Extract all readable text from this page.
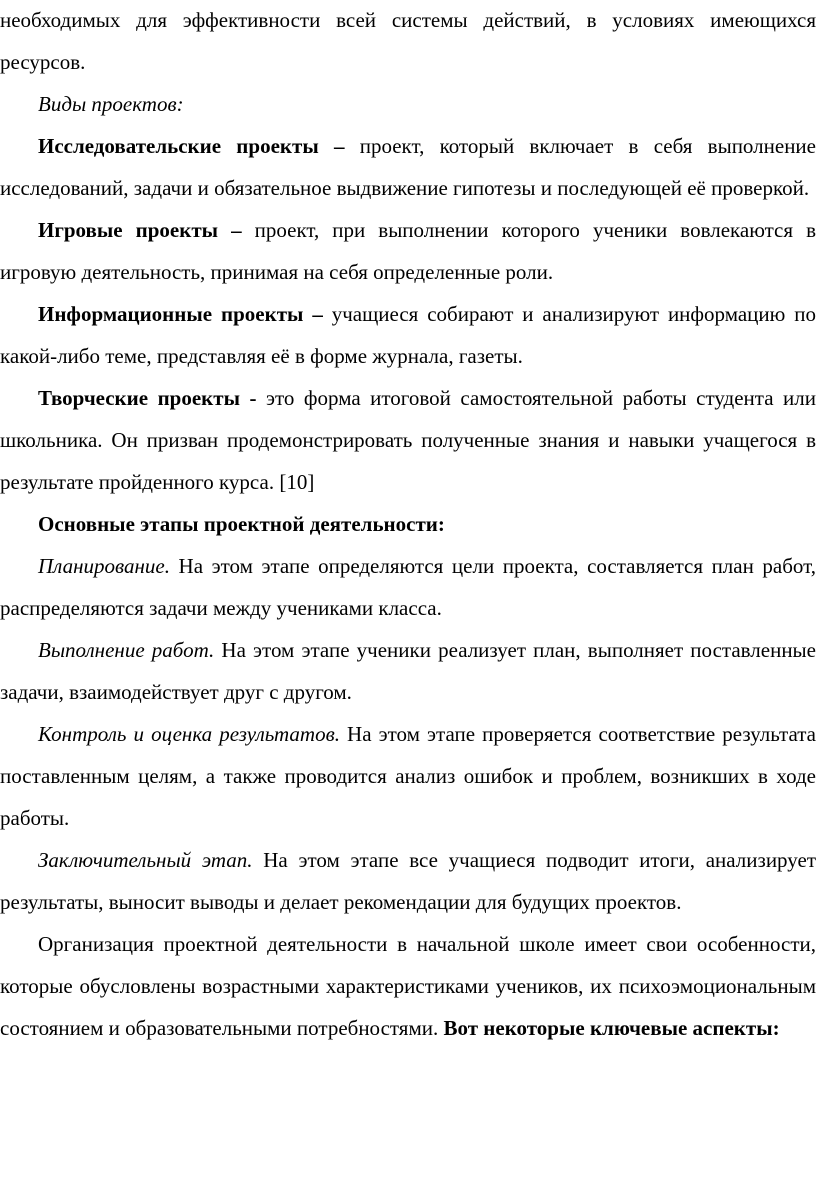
необходимых для эффективности всей системы действий, в условиях имеющихся ресурсов.

Виды проектов:

Исследовательские проекты – проект, который включает в себя выполнение исследований, задачи и обязательное выдвижение гипотезы и последующей её проверкой.

Игровые проекты – проект, при выполнении которого ученики вовлекаются в игровую деятельность, принимая на себя определенные роли.

Информационные проекты – учащиеся собирают и анализируют информацию по какой-либо теме, представляя её в форме журнала, газеты.

Творческие проекты - это форма итоговой самостоятельной работы студента или школьника. Он призван продемонстрировать полученные знания и навыки учащегося в результате пройденного курса. [10]

Основные этапы проектной деятельности:

Планирование. На этом этапе определяются цели проекта, составляется план работ, распределяются задачи между учениками класса.

Выполнение работ. На этом этапе ученики реализует план, выполняет поставленные задачи, взаимодействует друг с другом.

Контроль и оценка результатов. На этом этапе проверяется соответствие результата поставленным целям, а также проводится анализ ошибок и проблем, возникших в ходе работы.

Заключительный этап. На этом этапе все учащиеся подводит итоги, анализирует результаты, выносит выводы и делает рекомендации для будущих проектов.

Организация проектной деятельности в начальной школе имеет свои особенности, которые обусловлены возрастными характеристиками учеников, их психоэмоциональным состоянием и образовательными потребностями. Вот некоторые ключевые аспекты:
